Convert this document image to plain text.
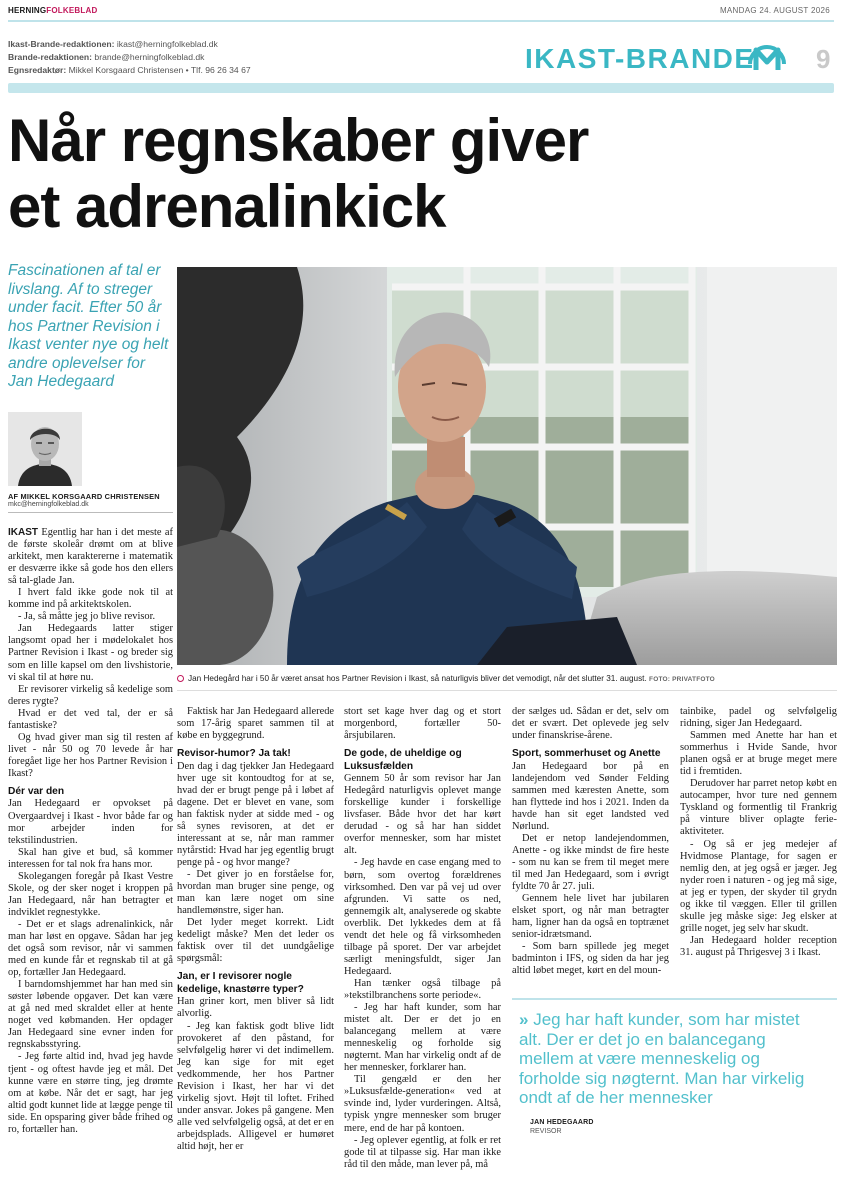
HERNINGFOLKEBLAD	MANDAG 24. AUGUST 2026
Ikast-Brande-redaktionen: ikast@herningfolkeblad.dk
Brande-redaktionen: brande@herningfolkeblad.dk
Egnsredaktør: Mikkel Korsgaard Christensen • Tlf. 96 26 34 67	IKAST-BRANDE 9
Når regnskaber giver
et adrenalinkick
Fascinationen af tal er livslang. Af to streger under facit. Efter 50 år hos Partner Revision i Ikast venter nye og helt andre oplevelser for Jan Hedegaard
AF MIKKEL KORSGAARD CHRISTENSEN
mkc@herningfolkeblad.dk
Jan Hedegård har i 50 år været ansat hos Partner Revision i Ikast, så naturligvis bliver det vemodigt, når det slutter 31. august. FOTO: PRIVATFOTO

IKAST Egentlig har han i det meste af de første skoleår drømt om at blive arkitekt, men karaktererne i matematik er desværre ikke så gode hos den ellers så tal-glade Jan.

I hvert fald ikke gode nok til at komme ind på arkitektskolen.

- Ja, så måtte jeg jo blive revisor.

Jan Hedegaards latter stiger langsomt opad her i mødelokalet hos Partner Revision i Ikast - og breder sig som en lille kapsel om den livshistorie, vi skal til at høre nu.

Er revisorer virkelig så kedelige som deres rygte?

Hvad er det ved tal, der er så fantastiske?

Og hvad giver man sig til resten af livet - når 50 og 70 levede år har foregået lige her hos Partner Revision i Ikast?

Dér var den

Jan Hedegaard er opvokset på Overgaardvej i Ikast - hvor både far og mor arbejder inden for tekstilindustrien.

Skal han give et bud, så kommer interessen for tal nok fra hans mor.

Skolegangen foregår på Ikast Vestre Skole, og der sker noget i kroppen på Jan Hedegaard, når han betragter et indviklet regnestykke.

- Det er et slags adrenalinkick, når man har løst en opgave. Sådan har jeg det også som revisor, når vi sammen med en kunde får et regnskab til at gå op, fortæller Jan Hedegaard.

I barndomshjemmet har han med sin søster løbende opgaver. Det kan være at gå ned med skraldet eller at hente noget ved købmanden. Her opdager Jan Hedegaard sine evner inden for regnskabsstyring.

- Jeg førte altid ind, hvad jeg havde tjent - og oftest havde jeg et mål. Det kunne være en større ting, jeg drømte om at købe. Når det er sagt, har jeg altid godt kunnet lide at lægge penge til side. En opsparing giver både frihed og ro, fortæller han.

Faktisk har Jan Hedegaard allerede som 17-årig sparet sammen til at købe en byggegrund.

Revisor-humor? Ja tak!

Den dag i dag tjekker Jan Hedegaard hver uge sit kontoudtog for at se, hvad der er brugt penge på i løbet af dagene. Det er blevet en vane, som han faktisk nyder at sidde med - og så synes revisoren, at det er interessant at se, når man rammer nytårstid: Hvad har jeg egentlig brugt penge på - og hvor mange?

- Det giver jo en forståelse for, hvordan man bruger sine penge, og man kan lære noget om sine handlemønstre, siger han.

Det lyder meget korrekt. Lidt kedeligt måske? Men det leder os faktisk over til det uundgåelige spørgsmål:

Jan, er I revisorer nogle kedelige, knastørre typer?

Han griner kort, men bliver så lidt alvorlig.

- Jeg kan faktisk godt blive lidt provokeret af den påstand, for selvfølgelig hører vi det indimellem. Jeg kan sige for mit eget vedkommende, her hos Partner Revision i Ikast, her har vi det virkelig sjovt. Højt til loftet. Frihed under ansvar. Jokes på gangene. Men alle ved selvfølgelig også, at det er en arbejdsplads. Alligevel er humøret altid højt, her er

stort set kage hver dag og et stort morgenbord, fortæller 50-årsjubilaren.

De gode, de uheldige og Luksusfælden

Gennem 50 år som revisor har Jan Hedegård naturligvis oplevet mange forskellige kunder i forskellige livsfaser. Både hvor det har kørt derudad - og så har han siddet overfor mennesker, som har mistet alt.

- Jeg havde en case engang med to børn, som overtog forældrenes virksomhed. Den var på vej ud over afgrunden. Vi satte os ned, gennemgik alt, analyserede og skabte overblik. Det lykkedes dem at få vendt det hele og få virksomheden tilbage på sporet. Der var arbejdet særligt meningsfuldt, siger Jan Hedegaard.

Han tænker også tilbage på »tekstilbranchens sorte periode«.

- Jeg har haft kunder, som har mistet alt. Der er det jo en balancegang mellem at være menneskelig og forholde sig nøgternt. Man har virkelig ondt af de her mennesker, forklarer han.

Til gengæld er den her »Luksusfælde-generation« ved at svinde ind, lyder vurderingen. Altså, typisk yngre mennesker som bruger mere, end de har på kontoen.

- Jeg oplever egentlig, at folk er ret gode til at tilpasse sig. Har man ikke råd til den måde, man lever på, må

der sælges ud. Sådan er det, selv om det er svært. Det oplevede jeg selv under finanskrise-årene.

Sport, sommerhuset og Anette

Jan Hedegaard bor på en landejendom ved Sønder Felding sammen med kæresten Anette, som han flyttede ind hos i 2021. Inden da havde han sit eget landsted ved Nørlund.

Det er netop landejendommen, Anette - og ikke mindst de fire heste - som nu kan se frem til meget mere til med Jan Hedegaard, som i øvrigt fyldte 70 år 27. juli.

Gennem hele livet har jubilaren elsket sport, og når man betragter ham, ligner han da også en toptrænet senior-idrætsmand.

- Som barn spillede jeg meget badminton i IFS, og siden da har jeg altid løbet meget, kørt en del moun-

tainbike, padel og selvfølgelig ridning, siger Jan Hedegaard.

Sammen med Anette har han et sommerhus i Hvide Sande, hvor planen også er at bruge meget mere tid i fremtiden.

Derudover har parret netop købt en autocamper, hvor ture ned gennem Tyskland og formentlig til Frankrig på vinture bliver oplagte ferie-aktiviteter.

- Og så er jeg medejer af Hvidmose Plantage, for sagen er nemlig den, at jeg også er jæger. Jeg nyder roen i naturen - og jeg må sige, at jeg er typen, der skyder til grydn og ikke til væggen. Eller til grillen skulle jeg måske sige: Jeg elsker at grille noget, jeg selv har skudt.

Jan Hedegaard holder reception 31. august på Thrigesvej 3 i Ikast.

» Jeg har haft kunder, som har mistet alt. Der er det jo en balancegang mellem at være menneskelig og forholde sig nøgternt. Man har virkelig ondt af de her mennesker
JAN HEDEGAARD
REVISOR
